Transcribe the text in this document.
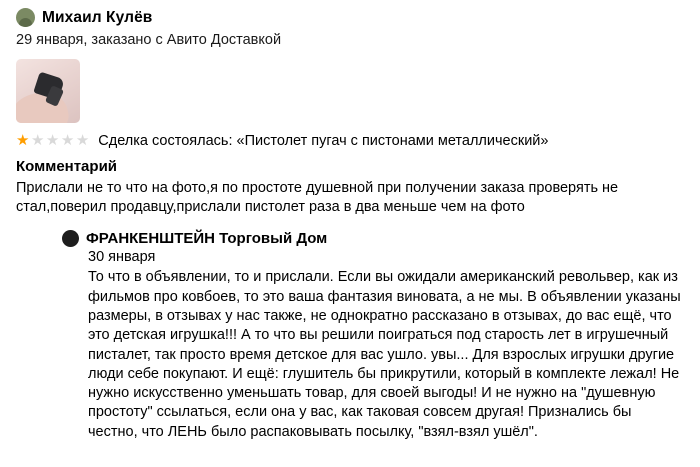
Михаил Кулёв

29 января, заказано с Авито Доставкой

★ ★ ★ ★ ★ Сделка состоялась: «Пистолет пугач с пистонами металлический»

Комментарий

Прислали не то что на фото,я по простоте душевной при получении заказа проверять не стал,поверил продавцу,прислали пистолет раза в два меньше чем на фото

ФРАНКЕНШТЕЙН Торговый Дом

30 января

То что в объявлении, то и прислали. Если вы ожидали американский револьвер, как из фильмов про ковбоев, то это ваша фантазия виновата, а не мы. В объявлении указаны размеры, в отзывах у нас также, не однократно рассказано в отзывах, до вас ещё, что это детская игрушка!!! А то что вы решили поиграться под старость лет в игрушечный писталет, так просто время детское для вас ушло. увы... Для взрослых игрушки другие люди себе покупают. И ещё: глушитель бы прикрутили, который в комплекте лежал! Не нужно искусственно уменьшать товар, для своей выгоды! И не нужно на "душевную простоту" ссылаться, если она у вас, как таковая совсем другая! Признались бы честно, что ЛЕНЬ было распаковывать посылку, "взял-взял ушёл".
